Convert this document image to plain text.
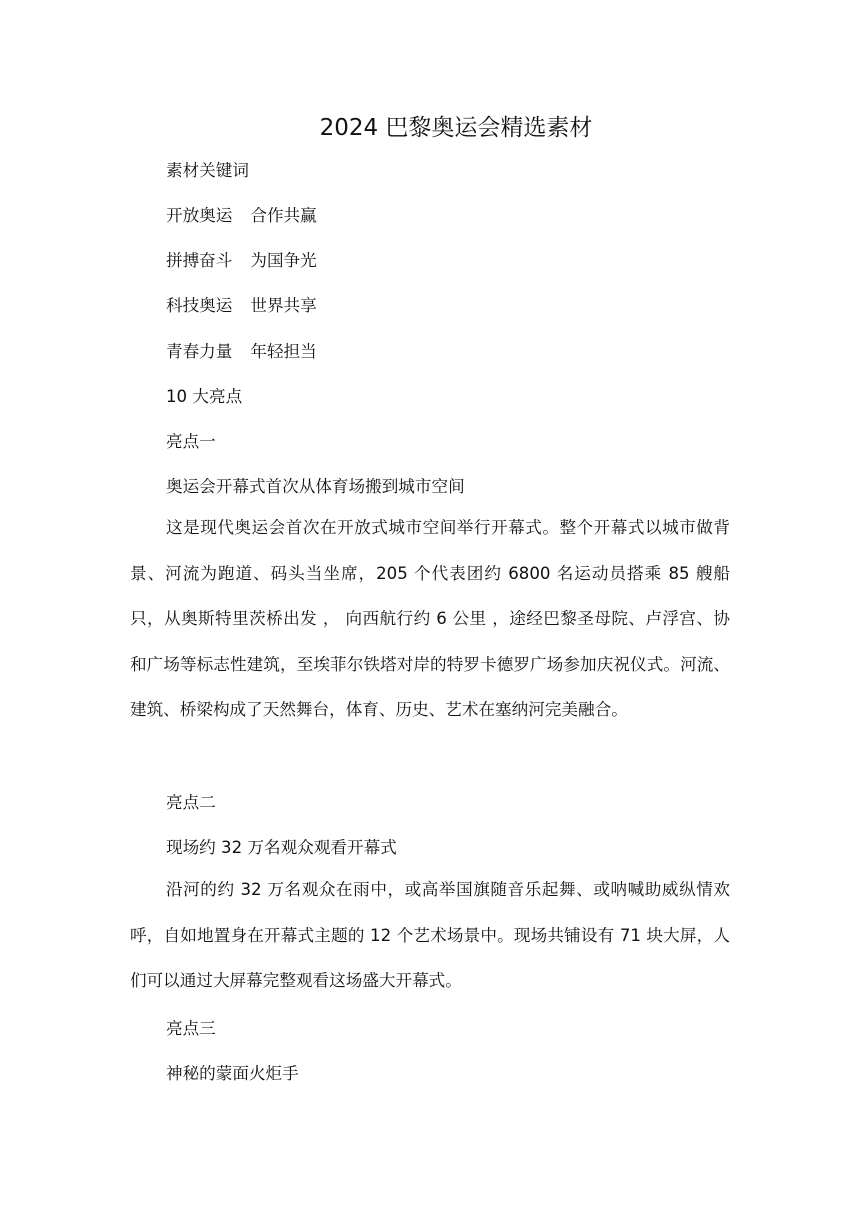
2024 巴黎奥运会精选素材

素材关键词

开放奥运 合作共赢

拼搏奋斗 为国争光

科技奥运 世界共享

青春力量 年轻担当

10 大亮点

亮点一

奥运会开幕式首次从体育场搬到城市空间

这是现代奥运会首次在开放式城市空间举行开幕式。整个开幕式以城市做背景、河流为跑道、码头当坐席，205 个代表团约 6800 名运动员搭乘 85 艘船只，从奥斯特里茨桥出发 ， 向西航行约 6 公里 ，途经巴黎圣母院、卢浮宫、协和广场等标志性建筑，至埃菲尔铁塔对岸的特罗卡德罗广场参加庆祝仪式。河流、建筑、桥梁构成了天然舞台，体育、历史、艺术在塞纳河完美融合。

亮点二

现场约 32 万名观众观看开幕式

沿河的约 32 万名观众在雨中，或高举国旗随音乐起舞、或呐喊助威纵情欢呼，自如地置身在开幕式主题的 12 个艺术场景中。现场共铺设有 71 块大屏，人们可以通过大屏幕完整观看这场盛大开幕式。

亮点三

神秘的蒙面火炬手
